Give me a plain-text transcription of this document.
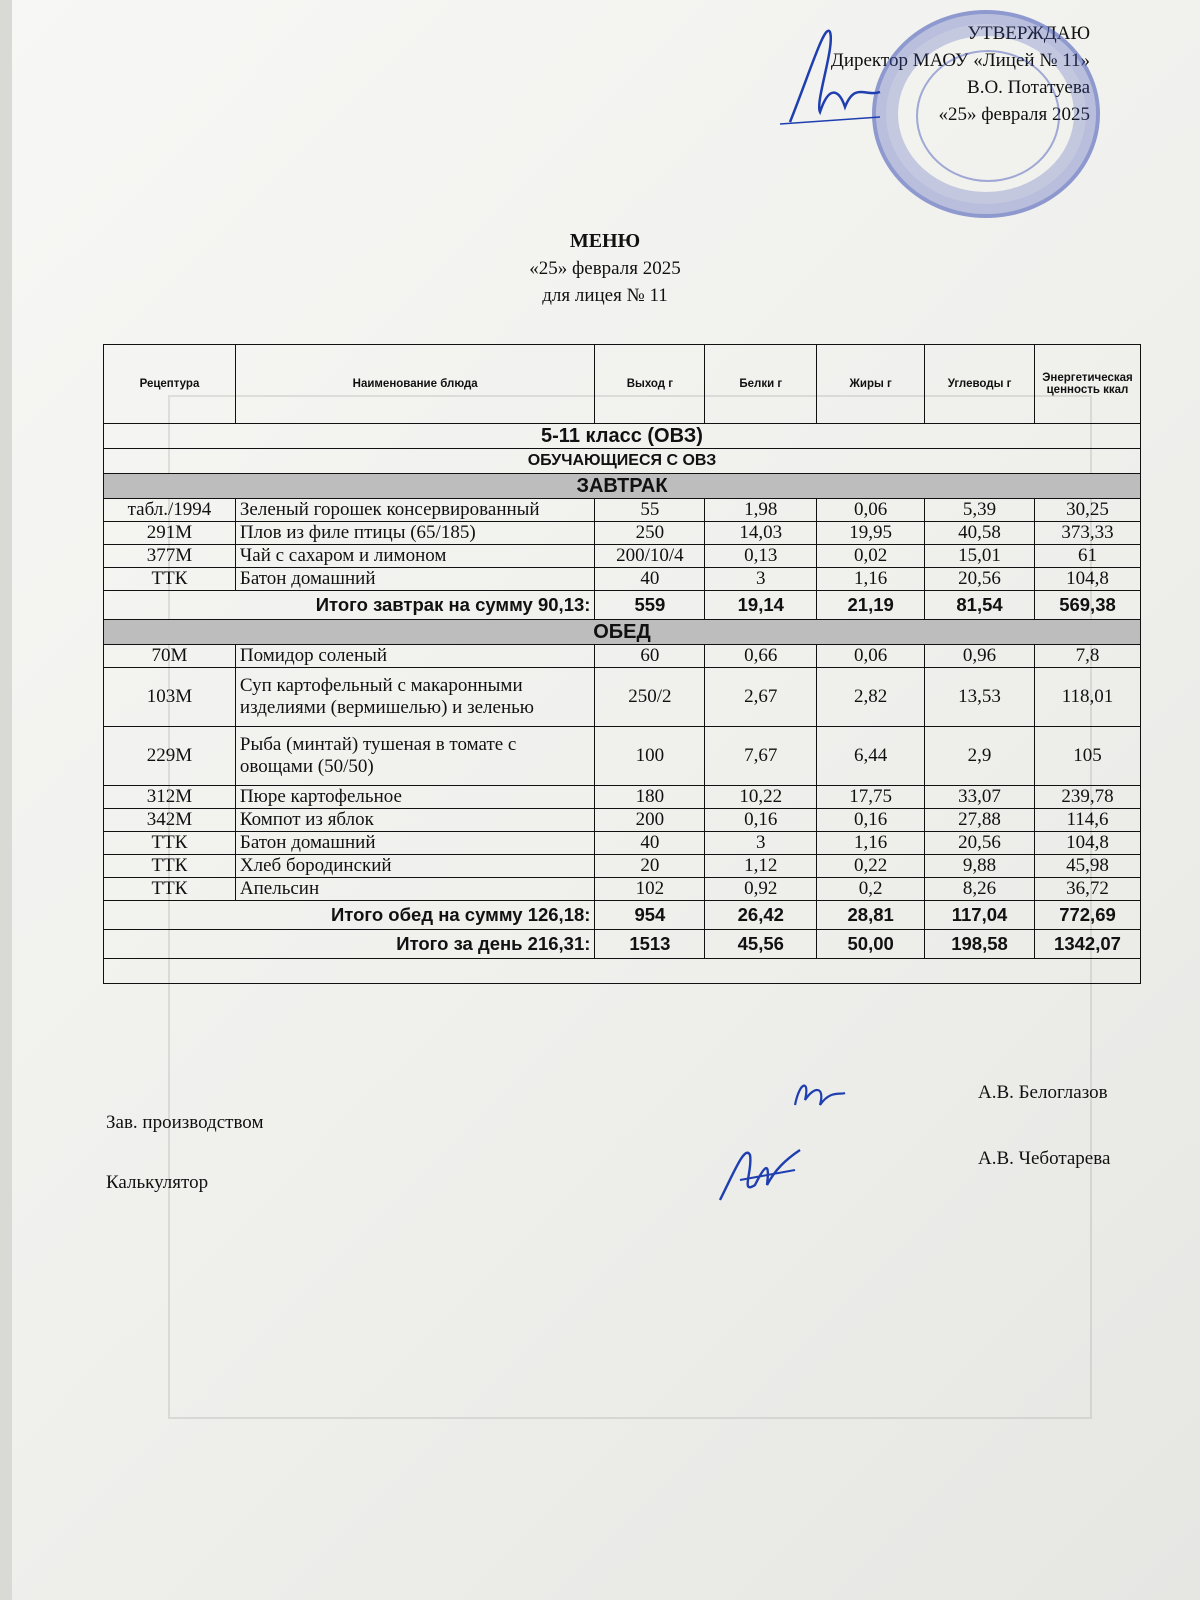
УТВЕРЖДАЮ
Директор МАОУ «Лицей № 11»
В.О. Потатуева
«25» февраля 2025
МЕНЮ
«25» февраля 2025
для лицея № 11
Рецептура	Наименование блюда	Выход г	Белки г	Жиры г	Углеводы г	Энергетическая ценность ккал
5-11 класс (ОВЗ)						
ОБУЧАЮЩИЕСЯ С ОВЗ						
ЗАВТРАК						
табл./1994	Зеленый горошек консервированный	55	1,98	0,06	5,39	30,25
291М	Плов из филе птицы (65/185)	250	14,03	19,95	40,58	373,33
377М	Чай с сахаром и лимоном	200/10/4	0,13	0,02	15,01	61
ТТК	Батон домашний	40	3	1,16	20,56	104,8
Итого завтрак на сумму 90,13:		559	19,14	21,19	81,54	569,38
ОБЕД						
70М	Помидор соленый	60	0,66	0,06	0,96	7,8
103М	Суп картофельный с макаронными изделиями (вермишелью) и зеленью	250/2	2,67	2,82	13,53	118,01
229М	Рыба (минтай) тушеная в томате с овощами (50/50)	100	7,67	6,44	2,9	105
312М	Пюре картофельное	180	10,22	17,75	33,07	239,78
342М	Компот из яблок	200	0,16	0,16	27,88	114,6
ТТК	Батон домашний	40	3	1,16	20,56	104,8
ТТК	Хлеб бородинский	20	1,12	0,22	9,88	45,98
ТТК	Апельсин	102	0,92	0,2	8,26	36,72
Итого обед на сумму 126,18:		954	26,42	28,81	117,04	772,69
Итого за день 216,31:		1513	45,56	50,00	198,58	1342,07

Зав. производством
А.В. Белоглазов
Калькулятор
А.В. Чеботарева
